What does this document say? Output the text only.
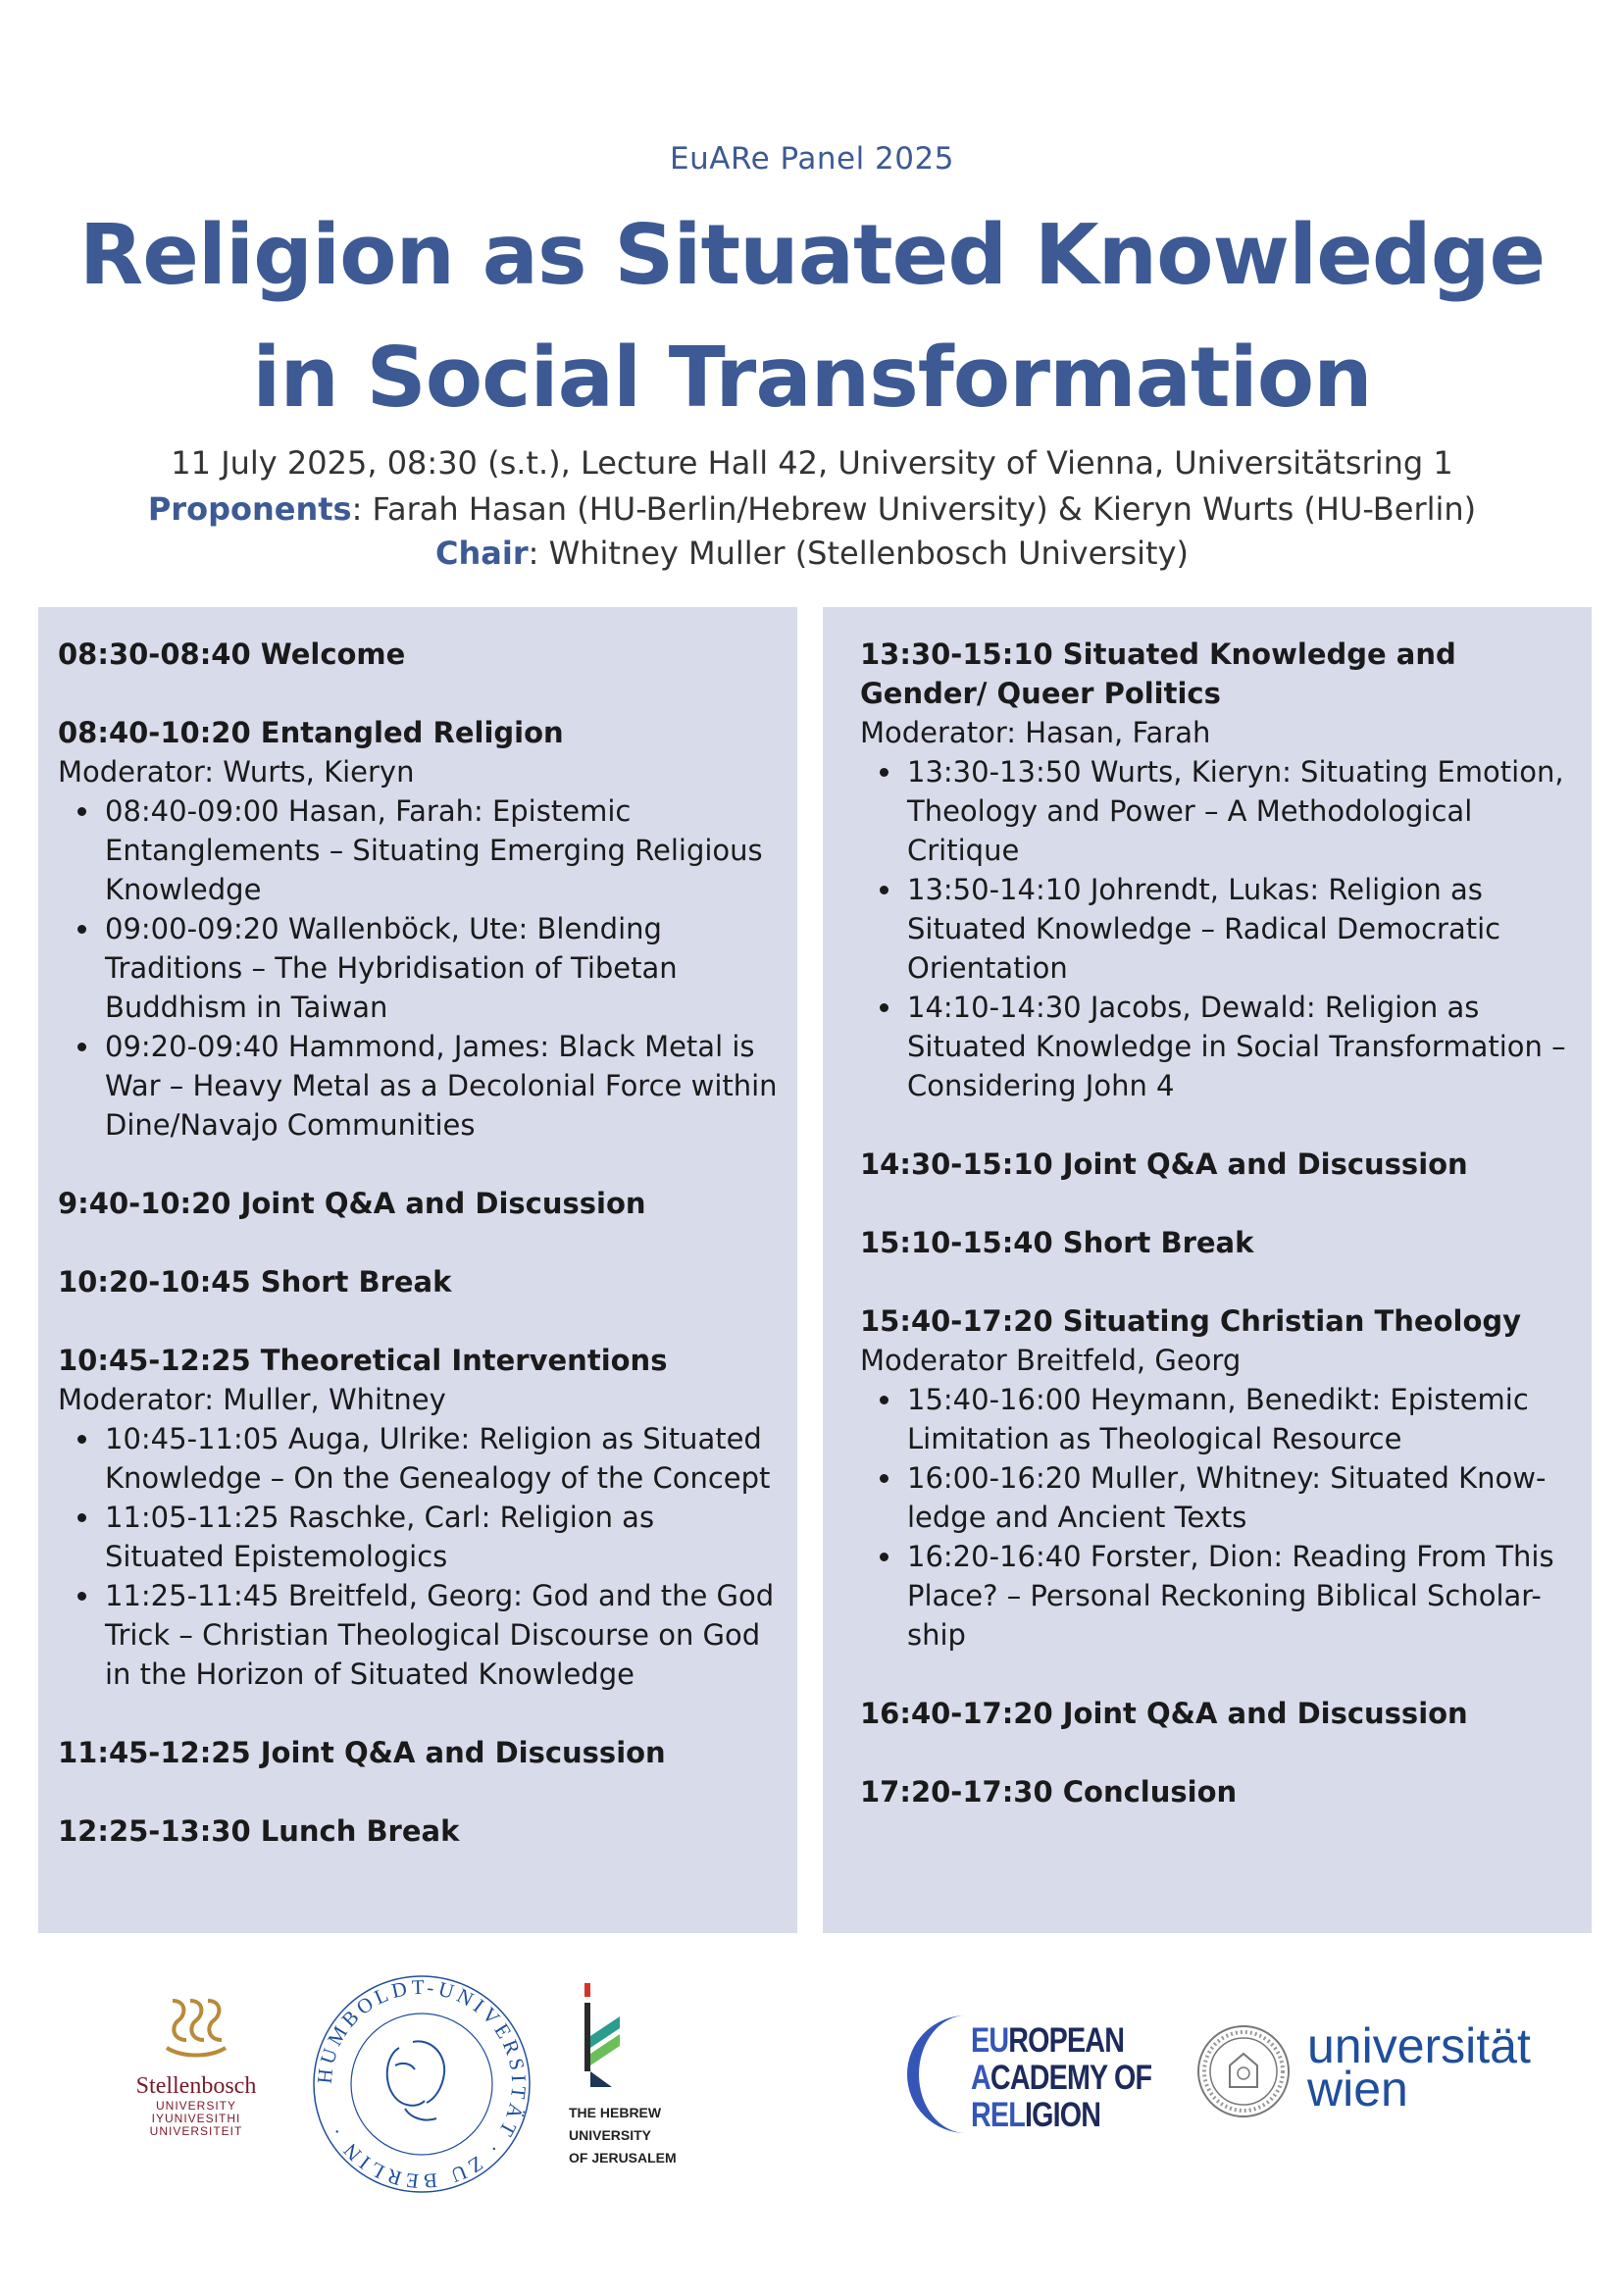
EuARe Panel 2025
Religion as Situated Knowledge
in Social Transformation
11 July 2025, 08:30 (s.t.), Lecture Hall 42, University of Vienna, Universitätsring 1
Proponents: Farah Hasan (HU-Berlin/Hebrew University) & Kieryn Wurts (HU-Berlin)
Chair: Whitney Muller (Stellenbosch University)
08:30-08:40 Welcome
08:40-10:20 Entangled Religion
Moderator: Wurts, Kieryn
08:40-09:00 Hasan, Farah: Epistemic Entanglements – Situating Emerging Religious Knowledge
09:00-09:20 Wallenböck, Ute: Blending Traditions – The Hybridisation of Tibetan Buddhism in Taiwan
09:20-09:40 Hammond, James: Black Metal is War – Heavy Metal as a Decolonial Force within Dine/Navajo Communities
9:40-10:20 Joint Q&A and Discussion
10:20-10:45 Short Break
10:45-12:25 Theoretical Interventions
Moderator: Muller, Whitney
10:45-11:05 Auga, Ulrike: Religion as Situated Knowledge – On the Genealogy of the Concept
11:05-11:25 Raschke, Carl: Religion as Situated Epistemologics
11:25-11:45 Breitfeld, Georg: God and the God Trick – Christian Theological Discourse on God in the Horizon of Situated Knowledge
11:45-12:25 Joint Q&A and Discussion
12:25-13:30 Lunch Break
13:30-15:10 Situated Knowledge and Gender/ Queer Politics
Moderator: Hasan, Farah
13:30-13:50 Wurts, Kieryn: Situating Emotion, Theology and Power – A Methodological Critique
13:50-14:10 Johrendt, Lukas: Religion as Situated Knowledge – Radical Democratic Orientation
14:10-14:30 Jacobs, Dewald: Religion as Situated Knowledge in Social Transformation – Considering John 4
14:30-15:10 Joint Q&A and Discussion
15:10-15:40 Short Break
15:40-17:20 Situating Christian Theology
Moderator Breitfeld, Georg
15:40-16:00 Heymann, Benedikt: Epistemic Limitation as Theological Resource
16:00-16:20 Muller, Whitney: Situated Know-ledge and Ancient Texts
16:20-16:40 Forster, Dion: Reading From This Place? – Personal Reckoning Biblical Scholar-ship
16:40-17:20 Joint Q&A and Discussion
17:20-17:30 Conclusion
Stellenbosch
UNIVERSITY
IYUNIVESITHI
UNIVERSITEIT
HUMBOLDT-UNIVERSITÄT · ZU BERLIN ·
THE HEBREW
UNIVERSITY
OF JERUSALEM
EUROPEAN
ACADEMY OF
RELIGION
universität
wien
